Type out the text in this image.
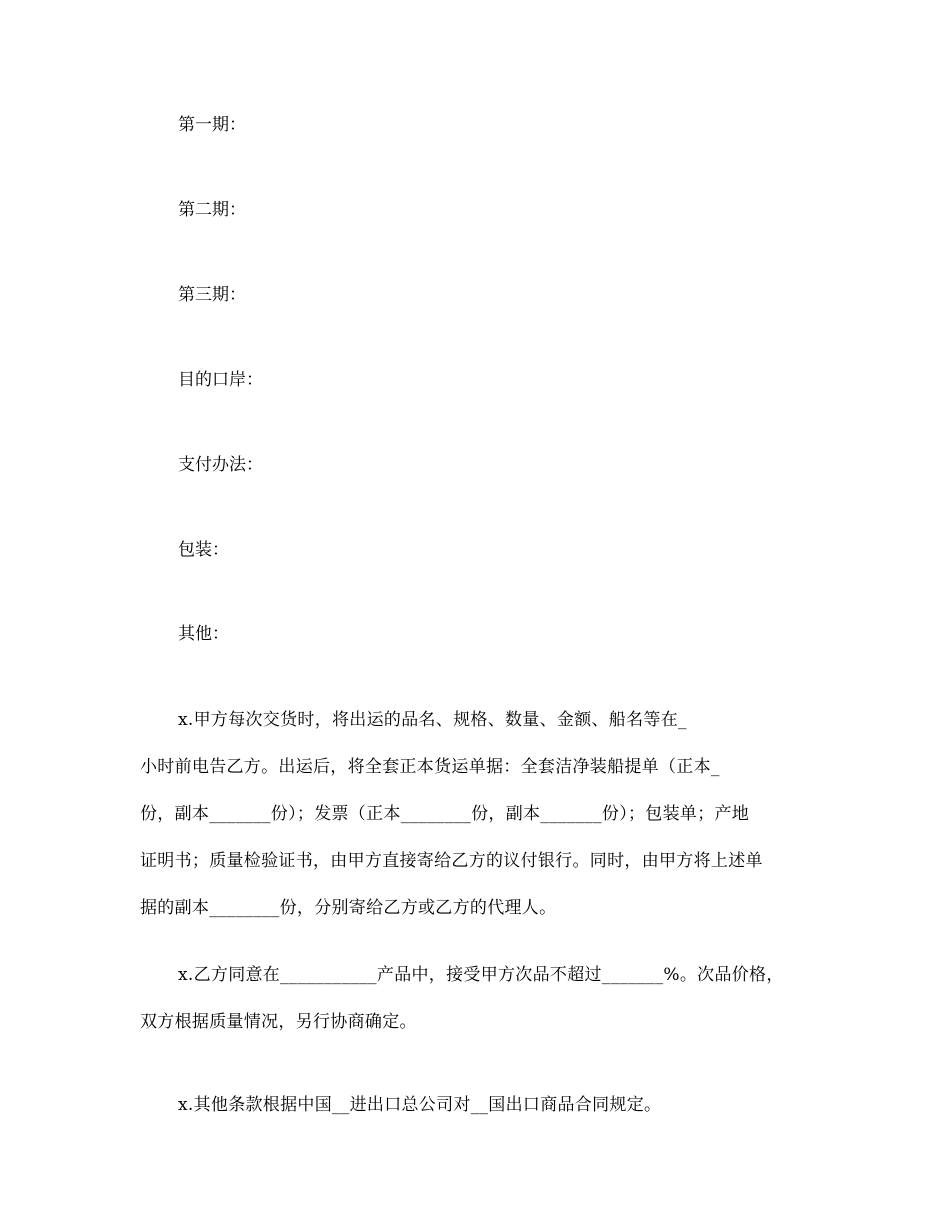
第一期：
第二期：
第三期：
目的口岸：
支付办法：
包装：
其他：
x.甲方每次交货时，将出运的品名、规格、数量、金额、船名等在_
小时前电告乙方。出运后，将全套正本货运单据：全套洁净装船提单（正本_
份，副本_______份）；发票（正本________份，副本_______份）；包装单；产地
证明书；质量检验证书，由甲方直接寄给乙方的议付银行。同时，由甲方将上述单
据的副本________份，分别寄给乙方或乙方的代理人。
x.乙方同意在___________产品中，接受甲方次品不超过_______%。次品价格，
双方根据质量情况，另行协商确定。
x.其他条款根据中国__进出口总公司对__国出口商品合同规定。
